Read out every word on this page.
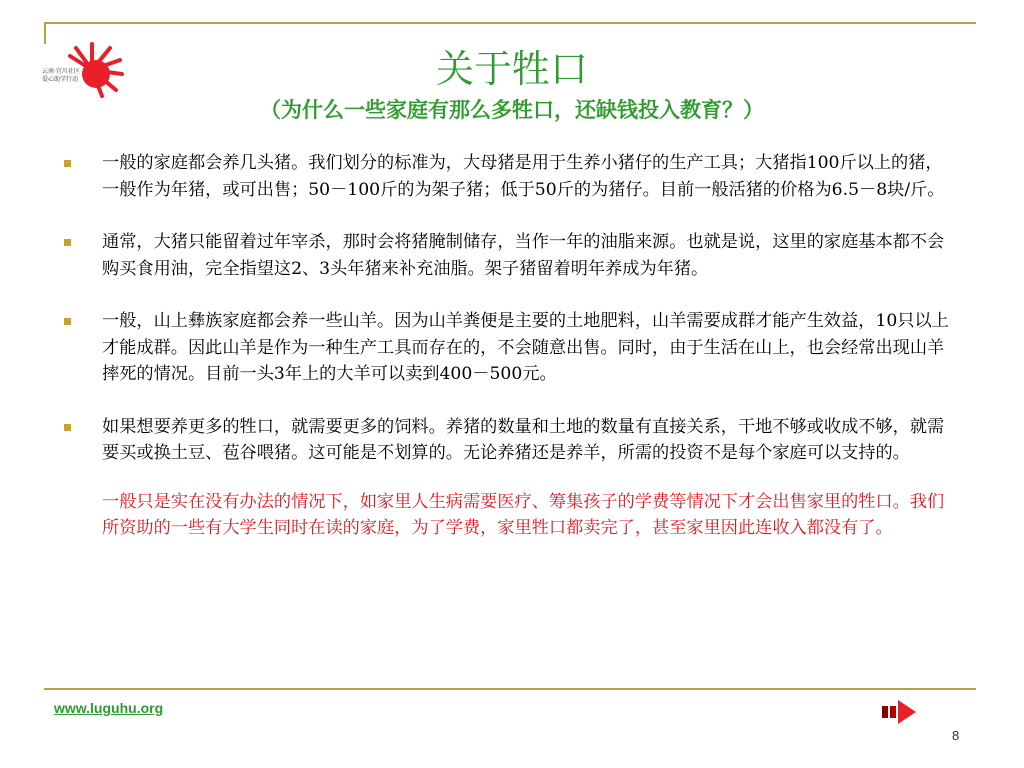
云南·宜川社区 爱心助学行动	关于牲口
（为什么一些家庭有那么多牲口，还缺钱投入教育？）
一般的家庭都会养几头猪。我们划分的标准为，大母猪是用于生养小猪仔的生产工具；大猪指100斤以上的猪，一般作为年猪，或可出售；50－100斤的为架子猪；低于50斤的为猪仔。目前一般活猪的价格为6.5－8块/斤。
通常，大猪只能留着过年宰杀，那时会将猪腌制储存，当作一年的油脂来源。也就是说，这里的家庭基本都不会购买食用油，完全指望这2、3头年猪来补充油脂。架子猪留着明年养成为年猪。
一般，山上彝族家庭都会养一些山羊。因为山羊粪便是主要的土地肥料，山羊需要成群才能产生效益，10只以上才能成群。因此山羊是作为一种生产工具而存在的，不会随意出售。同时，由于生活在山上，也会经常出现山羊摔死的情况。目前一头3年上的大羊可以卖到400－500元。
如果想要养更多的牲口，就需要更多的饲料。养猪的数量和土地的数量有直接关系，干地不够或收成不够，就需要买或换土豆、苞谷喂猪。这可能是不划算的。无论养猪还是养羊，所需的投资不是每个家庭可以支持的。
一般只是实在没有办法的情况下，如家里人生病需要医疗、筹集孩子的学费等情况下才会出售家里的牲口。我们所资助的一些有大学生同时在读的家庭，为了学费，家里牲口都卖完了，甚至家里因此连收入都没有了。
www.luguhu.org
8
